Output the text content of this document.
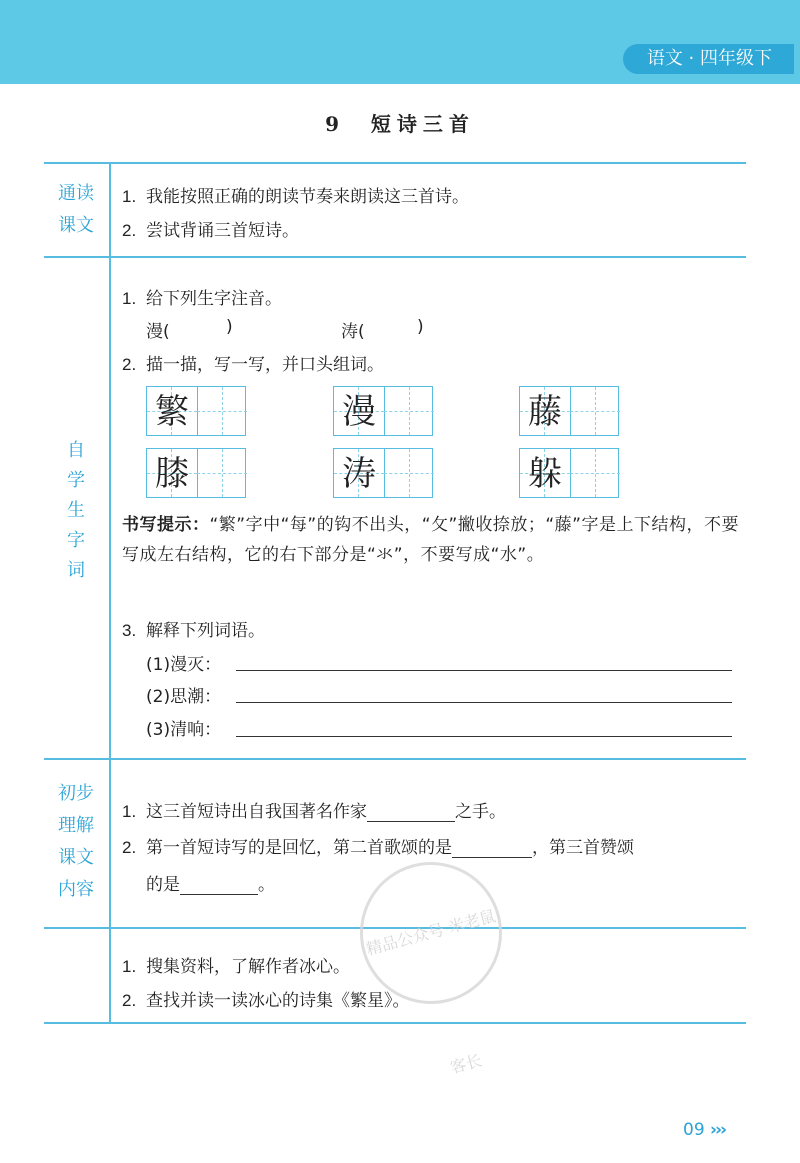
语文 · 四年级下
9 短诗三首
通读
课文
1. 我能按照正确的朗读节奏来朗读这三首诗。
2. 尝试背诵三首短诗。
自
学
生
字
词
1. 给下列生字注音。
漫(	)	涛(	)
2. 描一描，写一写，并口头组词。
繁	漫	藤
膝	涛	躲
书写提示：“繁”字中“每”的钩不出头，“攵”撇收捺放；“藤”字是上下结构，不要写成左右结构，它的右下部分是“氺”，不要写成“水”。
3. 解释下列词语。
(1)漫灭：
(2)思潮：
(3)清响：
初步
理解
课文
内容
1. 这三首短诗出自我国著名作家	之手。
2. 第一首短诗写的是回忆，第二首歌颂的是	，第三首赞颂
的是	。
1. 搜集资料，了解作者冰心。
2. 查找并读一读冰心的诗集《繁星》。
精品公众号 米老鼠客长
09 ›››
